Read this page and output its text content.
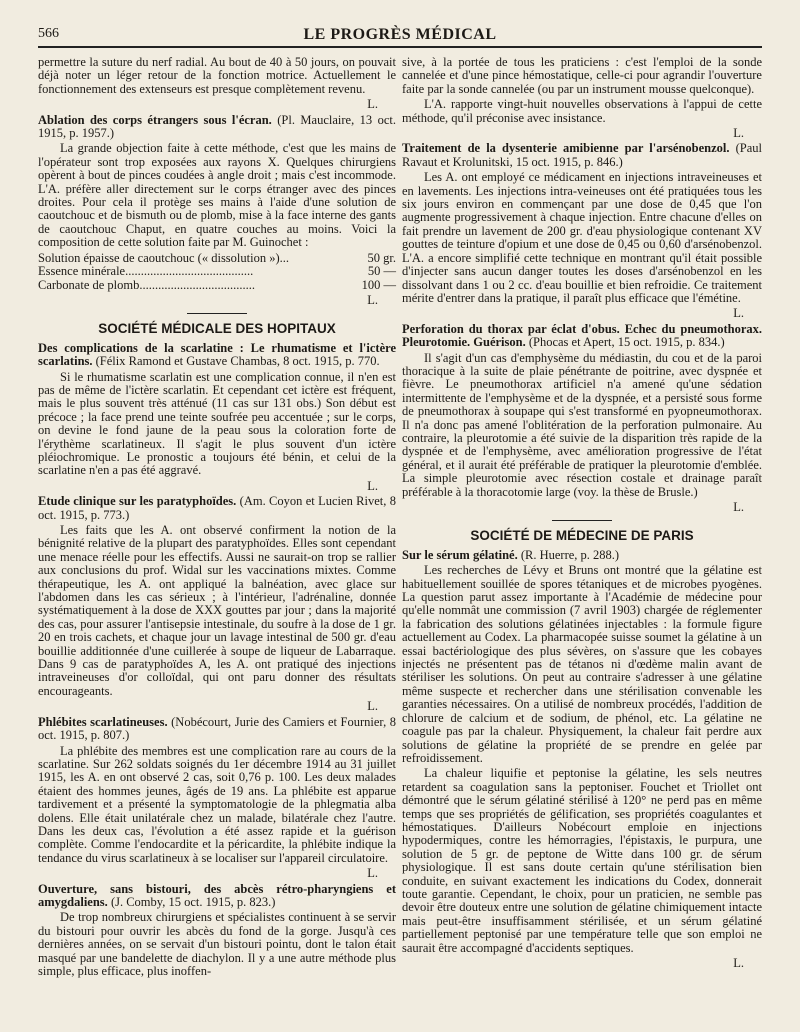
566	LE PROGRÈS MÉDICAL

permettre la suture du nerf radial. Au bout de 40 à 50 jours, on pouvait déjà noter un léger retour de la fonction motrice. Actuellement le fonctionnement des extenseurs est presque complètement revenu.

L.

Ablation des corps étrangers sous l'écran. (Pl. Mauclaire, 13 oct. 1915, p. 1957.)

La grande objection faite à cette méthode, c'est que les mains de l'opérateur sont trop exposées aux rayons X. Quelques chirurgiens opèrent à bout de pinces coudées à angle droit ; mais c'est incommode. L'A. préfère aller directement sur le corps étranger avec des pinces droites. Pour cela il protège ses mains à l'aide d'une solution de caoutchouc et de bismuth ou de plomb, mise à la face interne des gants de caoutchouc Chaput, en quatre couches au moins. Voici la composition de cette solution faite par M. Guinochet :

Solution épaisse de caoutchouc (« dissolution »)...	50 gr.
Essence minérale.........................................	50 —
Carbonate de plomb.....................................	100 —

L.

SOCIÉTÉ MÉDICALE DES HOPITAUX

Des complications de la scarlatine : Le rhumatisme et l'ictère scarlatins. (Félix Ramond et Gustave Chambas, 8 oct. 1915, p. 770.

Si le rhumatisme scarlatin est une complication connue, il n'en est pas de même de l'ictère scarlatin. Et cependant cet ictère est fréquent, mais le plus souvent très atténué (11 cas sur 131 obs.) Son début est précoce ; la face prend une teinte soufrée peu accentuée ; sur le corps, on devine le fond jaune de la peau sous la coloration forte de l'érythème scarlatineux. Il s'agit le plus souvent d'un ictère pléiochromique. Le pronostic a toujours été bénin, et celui de la scarlatine n'en a pas été aggravé.

L.

Etude clinique sur les paratyphoïdes. (Am. Coyon et Lucien Rivet, 8 oct. 1915, p. 773.)

Les faits que les A. ont observé confirment la notion de la bénignité relative de la plupart des paratyphoïdes. Elles sont cependant une menace réelle pour les effectifs. Aussi ne saurait-on trop se rallier aux conclusions du prof. Widal sur les vaccinations mixtes. Comme thérapeutique, les A. ont appliqué la balnéation, avec glace sur l'abdomen dans les cas sérieux ; à l'intérieur, l'adrénaline, donnée systématiquement à la dose de XXX gouttes par jour ; dans la majorité des cas, pour assurer l'antisepsie intestinale, du soufre à la dose de 1 gr. 20 en trois cachets, et chaque jour un lavage intestinal de 500 gr. d'eau bouillie additionnée d'une cuillerée à soupe de liqueur de Labarraque. Dans 9 cas de paratyphoïdes A, les A. ont pratiqué des injections intraveineuses d'or colloïdal, qui ont paru donner des résultats encourageants.

L.

Phlébites scarlatineuses. (Nobécourt, Jurie des Camiers et Fournier, 8 oct. 1915, p. 807.)

La phlébite des membres est une complication rare au cours de la scarlatine. Sur 262 soldats soignés du 1er décembre 1914 au 31 juillet 1915, les A. en ont observé 2 cas, soit 0,76 p. 100. Les deux malades étaient des hommes jeunes, âgés de 19 ans. La phlébite est apparue tardivement et a présenté la symptomatologie de la phlegmatia alba dolens. Elle était unilatérale chez un malade, bilatérale chez l'autre. Dans les deux cas, l'évolution a été assez rapide et la guérison complète. Comme l'endocardite et la péricardite, la phlébite indique la tendance du virus scarlatineux à se localiser sur l'appareil circulatoire.

L.

Ouverture, sans bistouri, des abcès rétro-pharyngiens et amygdaliens. (J. Comby, 15 oct. 1915, p. 823.)

De trop nombreux chirurgiens et spécialistes continuent à se servir du bistouri pour ouvrir les abcès du fond de la gorge. Jusqu'à ces dernières années, on se servait d'un bistouri pointu, dont le talon était masqué par une bandelette de diachylon. Il y a une autre méthode plus simple, plus efficace, plus inoffen-

sive, à la portée de tous les praticiens : c'est l'emploi de la sonde cannelée et d'une pince hémostatique, celle-ci pour agrandir l'ouverture faite par la sonde cannelée (ou par un instrument mousse quelconque).

L'A. rapporte vingt-huit nouvelles observations à l'appui de cette méthode, qu'il préconise avec insistance.

L.

Traitement de la dysenterie amibienne par l'arsénobenzol. (Paul Ravaut et Krolunitski, 15 oct. 1915, p. 846.)

Les A. ont employé ce médicament en injections intraveineuses et en lavements. Les injections intra-veineuses ont été pratiquées tous les six jours environ en commençant par une dose de 0,45 que l'on augmente progressivement à chaque injection. Entre chacune d'elles on fait prendre un lavement de 200 gr. d'eau physiologique contenant XV gouttes de teinture d'opium et une dose de 0,45 ou 0,60 d'arsénobenzol. L'A. a encore simplifié cette technique en montrant qu'il était possible d'injecter sans aucun danger toutes les doses d'arsénobenzol en les dissolvant dans 1 ou 2 cc. d'eau bouillie et bien refroidie. Ce traitement mérite d'entrer dans la pratique, il paraît plus efficace que l'émétine.

L.

Perforation du thorax par éclat d'obus. Echec du pneumothorax. Pleurotomie. Guérison. (Phocas et Apert, 15 oct. 1915, p. 834.)

Il s'agit d'un cas d'emphysème du médiastin, du cou et de la paroi thoracique à la suite de plaie pénétrante de poitrine, avec dyspnée et fièvre. Le pneumothorax artificiel n'a amené qu'une sédation intermittente de l'emphysème et de la dyspnée, et a persisté sous forme de pneumothorax à soupape qui s'est transformé en pyopneumothorax. Il n'a donc pas amené l'oblitération de la perforation pulmonaire. Au contraire, la pleurotomie a été suivie de la disparition très rapide de la dyspnée et de l'emphysème, avec amélioration progressive de l'état général, et il aurait été préférable de pratiquer la pleurotomie d'emblée. La simple pleurotomie avec résection costale et drainage paraît préférable à la thoracotomie large (voy. la thèse de Brusle.)

L.

SOCIÉTÉ DE MÉDECINE DE PARIS

Sur le sérum gélatiné. (R. Huerre, p. 288.)

Les recherches de Lévy et Bruns ont montré que la gélatine est habituellement souillée de spores tétaniques et de microbes pyogènes. La question parut assez importante à l'Académie de médecine pour qu'elle nommât une commission (7 avril 1903) chargée de réglementer la fabrication des solutions gélatinées injectables : la formule figure actuellement au Codex. La pharmacopée suisse soumet la gélatine à un essai bactériologique des plus sévères, on s'assure que les cobayes injectés ne présentent pas de tétanos ni d'œdème malin avant de stériliser les solutions. On peut au contraire s'adresser à une gélatine même suspecte et rechercher dans une stérilisation convenable les garanties nécessaires. On a utilisé de nombreux procédés, l'addition de chlorure de calcium et de sodium, de phénol, etc. La gélatine ne coagule pas par la chaleur. Physiquement, la chaleur fait perdre aux solutions de gélatine la propriété de se prendre en gelée par refroidissement.

La chaleur liquifie et peptonise la gélatine, les sels neutres retardent sa coagulation sans la peptoniser. Fouchet et Triollet ont démontré que le sérum gélatiné stérilisé à 120° ne perd pas en même temps que ses propriétés de gélification, ses propriétés coagulantes et hémostatiques. D'ailleurs Nobécourt emploie en injections hypodermiques, contre les hémorragies, l'épistaxis, le purpura, une solution de 5 gr. de peptone de Witte dans 100 gr. de sérum physiologique. Il est sans doute certain qu'une stérilisation bien conduite, en suivant exactement les indications du Codex, donnerait toute garantie. Cependant, le choix, pour un praticien, ne semble pas devoir être douteux entre une solution de gélatine chimiquement intacte mais peut-être insuffisamment stérilisée, et un sérum gélatiné partiellement peptonisé par une température telle que son emploi ne saurait être accompagné d'accidents septiques.

L.
